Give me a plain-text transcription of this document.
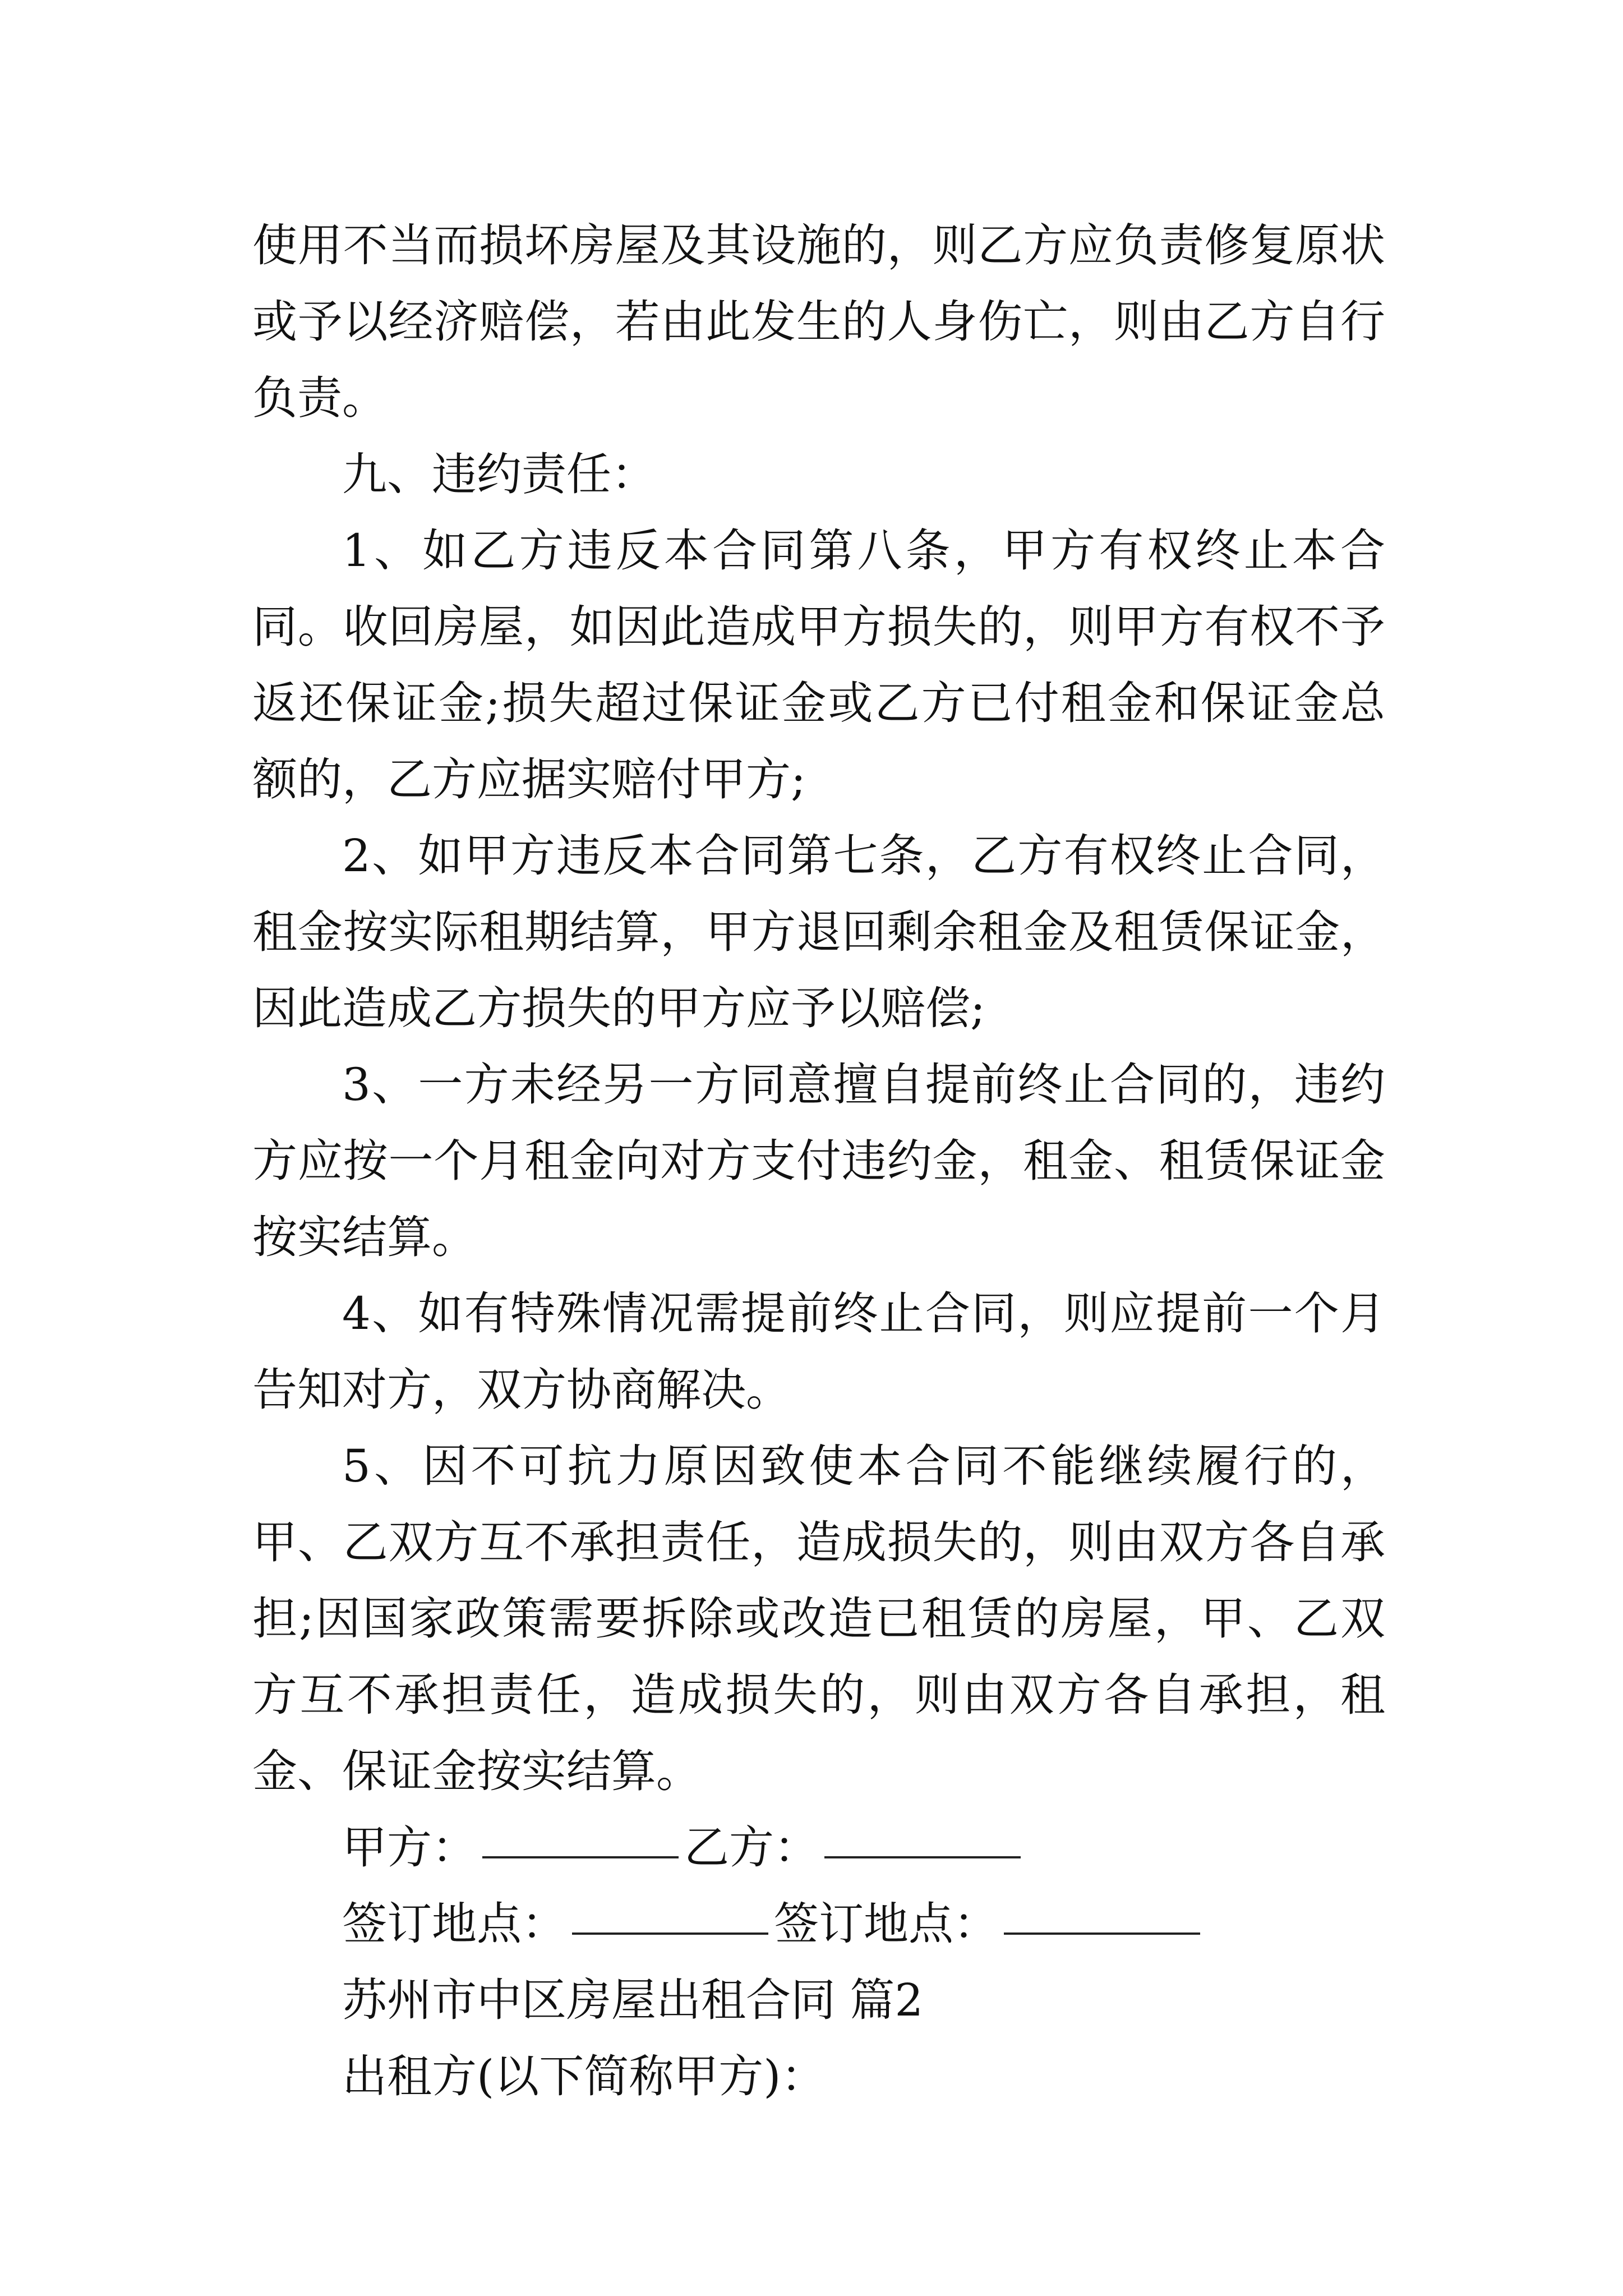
使用不当而损坏房屋及其设施的，则乙方应负责修复原状或予以经济赔偿，若由此发生的人身伤亡，则由乙方自行负责。

九、违约责任：

1、如乙方违反本合同第八条，甲方有权终止本合同。收回房屋，如因此造成甲方损失的，则甲方有权不予返还保证金;损失超过保证金或乙方已付租金和保证金总额的，乙方应据实赔付甲方;

2、如甲方违反本合同第七条，乙方有权终止合同，租金按实际租期结算，甲方退回剩余租金及租赁保证金，因此造成乙方损失的甲方应予以赔偿;

3、一方未经另一方同意擅自提前终止合同的，违约方应按一个月租金向对方支付违约金，租金、租赁保证金按实结算。

4、如有特殊情况需提前终止合同，则应提前一个月告知对方，双方协商解决。

5、因不可抗力原因致使本合同不能继续履行的，甲、乙双方互不承担责任，造成损失的，则由双方各自承担;因国家政策需要拆除或改造已租赁的房屋，甲、乙双方互不承担责任，造成损失的，则由双方各自承担，租金、保证金按实结算。

甲方：	乙方：

签订地点：	签订地点：

苏州市中区房屋出租合同 篇2

出租方(以下简称甲方)：
